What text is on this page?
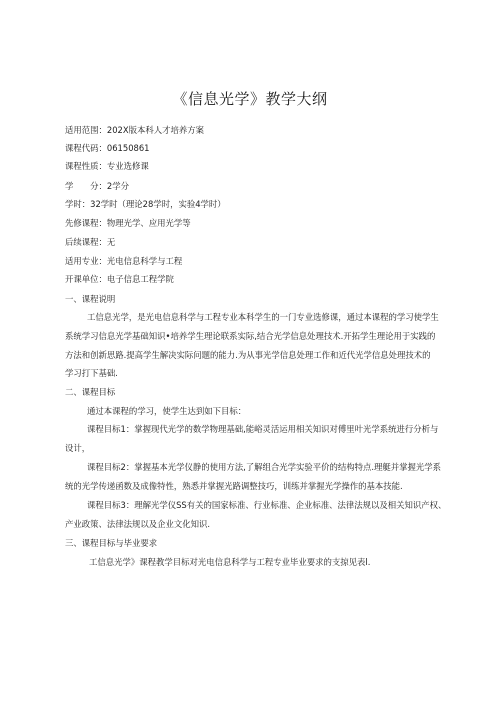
《信息光学》教学大纲
适用范围：202X版本科人才培养方案
课程代码：06150861
课程性质：专业选修课
学　　分：2学分
学时：32学时（理论28学时，实验4学时）
先修课程：物理光学、应用光学等
后续课程：无
适用专业：光电信息科学与工程
开课单位：电子信息工程学院
一、课程说明
工信息光学，是光电信息科学与工程专业本科学生的一门专业选修课，通过本课程的学习使学生
系统学习信息光学基础知识•培养学生理论联系实际,结合光学信息处理技术.开拓学生理论用于实践的
方法和创新思路.提高学生解决实际问题的能力.为从事光学信息处理工作和近代光学信息处理技术的
学习打下基础.
二、课程目标
通过本课程的学习，使学生达到如下目标：
课程目标1：掌握现代光学的数学物理基础,能峪灵活运用相关知识对傅里叶光学系统进行分析与
设计，
课程目标2：掌握基本光学仪静的使用方法,了解组合光学实验平价的结构特点.理艇并掌握光学系
统的光学传递函数及成像特性，熟悉并掌握光路调整技巧，训练并掌握光学操作的基本技能.
课程目标3：理解光学仪SS有关的国家标准、行业标准、企业标准、法律法规以及相关知识产权、
产业政策、法律法规以及企业文化知识.
三、课程目标与毕业要求
工信息光学》课程教学目标对光电信息科学与工程专业毕业要求的支掠见表l.
